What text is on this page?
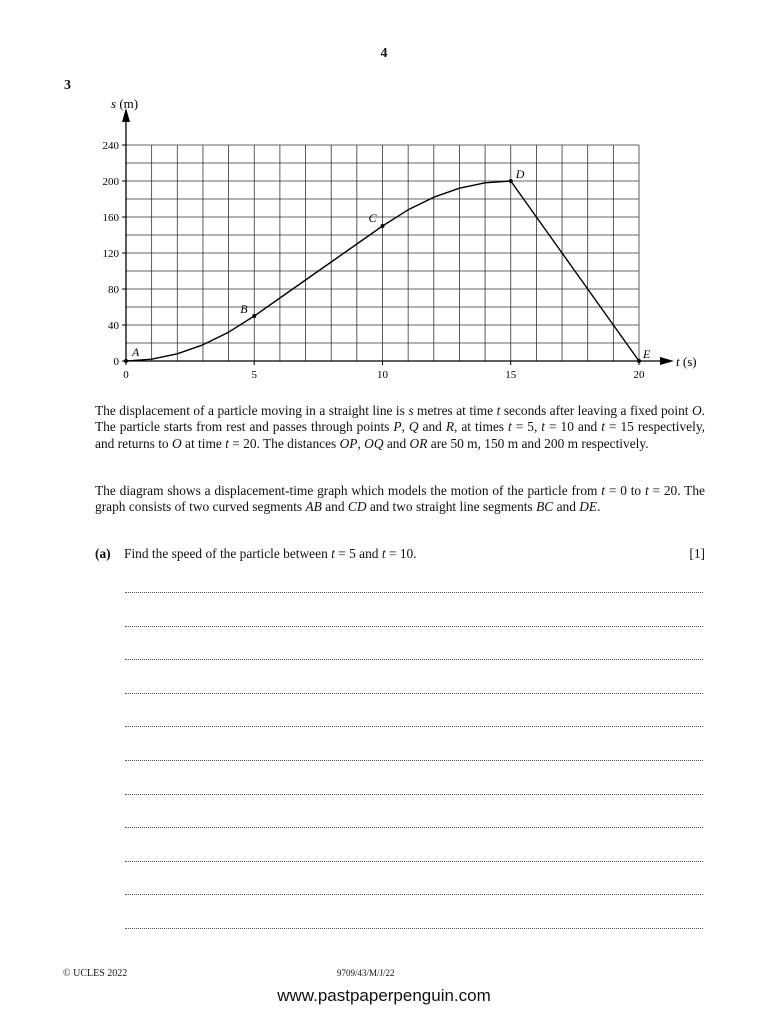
4
3
0
40
80
120
160
200
240
0	5	10	15	20
A
B
C
D
E
s (m)
t (s)
The displacement of a particle moving in a straight line is s metres at time t seconds after leaving a fixed point O. The particle starts from rest and passes through points P, Q and R, at times t = 5, t = 10 and t = 15 respectively, and returns to O at time t = 20. The distances OP, OQ and OR are 50 m, 150 m and 200 m respectively.
The diagram shows a displacement-time graph which models the motion of the particle from t = 0 to t = 20. The graph consists of two curved segments AB and CD and two straight line segments BC and DE.
(a) Find the speed of the particle between t = 5 and t = 10.	[1]
© UCLES 2022	9709/43/M/J/22
www.pastpaperpenguin.com
